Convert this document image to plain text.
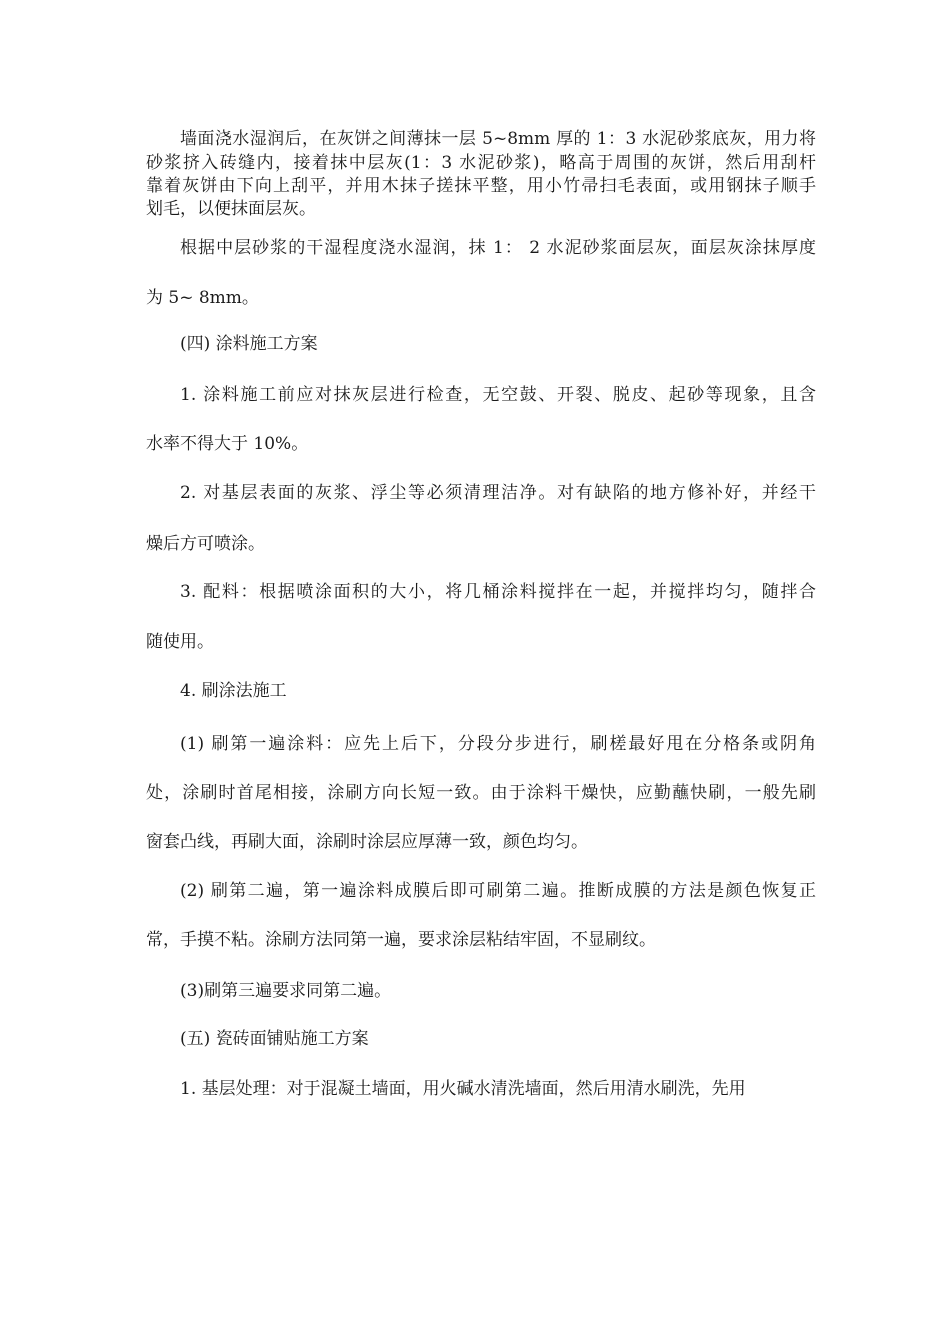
墙面浇水湿润后，在灰饼之间薄抹一层 5~8mm 厚的 1：3 水泥砂浆底灰，用力将
砂浆挤入砖缝内，接着抹中层灰(1：3 水泥砂浆)，略高于周围的灰饼，然后用刮杆
靠着灰饼由下向上刮平，并用木抹子搓抹平整，用小竹帚扫毛表面，或用钢抹子顺手
划毛，以便抹面层灰。
根据中层砂浆的干湿程度浇水湿润，抹 1： 2 水泥砂浆面层灰，面层灰涂抹厚度
为 5~ 8mm。
(四) 涂料施工方案
1. 涂料施工前应对抹灰层进行检查，无空鼓、开裂、脱皮、起砂等现象，且含
水率不得大于 10%。
2. 对基层表面的灰浆、浮尘等必须清理洁净。对有缺陷的地方修补好，并经干
燥后方可喷涂。
3. 配料：根据喷涂面积的大小，将几桶涂料搅拌在一起，并搅拌均匀，随拌合
随使用。
4. 刷涂法施工
(1) 刷第一遍涂料：应先上后下，分段分步进行，刷槎最好甩在分格条或阴角
处，涂刷时首尾相接，涂刷方向长短一致。由于涂料干燥快，应勤蘸快刷，一般先刷
窗套凸线，再刷大面，涂刷时涂层应厚薄一致，颜色均匀。
(2) 刷第二遍，第一遍涂料成膜后即可刷第二遍。推断成膜的方法是颜色恢复正
常，手摸不粘。涂刷方法同第一遍，要求涂层粘结牢固，不显刷纹。
(3)刷第三遍要求同第二遍。
(五) 瓷砖面铺贴施工方案
1. 基层处理：对于混凝土墙面，用火碱水清洗墙面，然后用清水刷洗，先用
